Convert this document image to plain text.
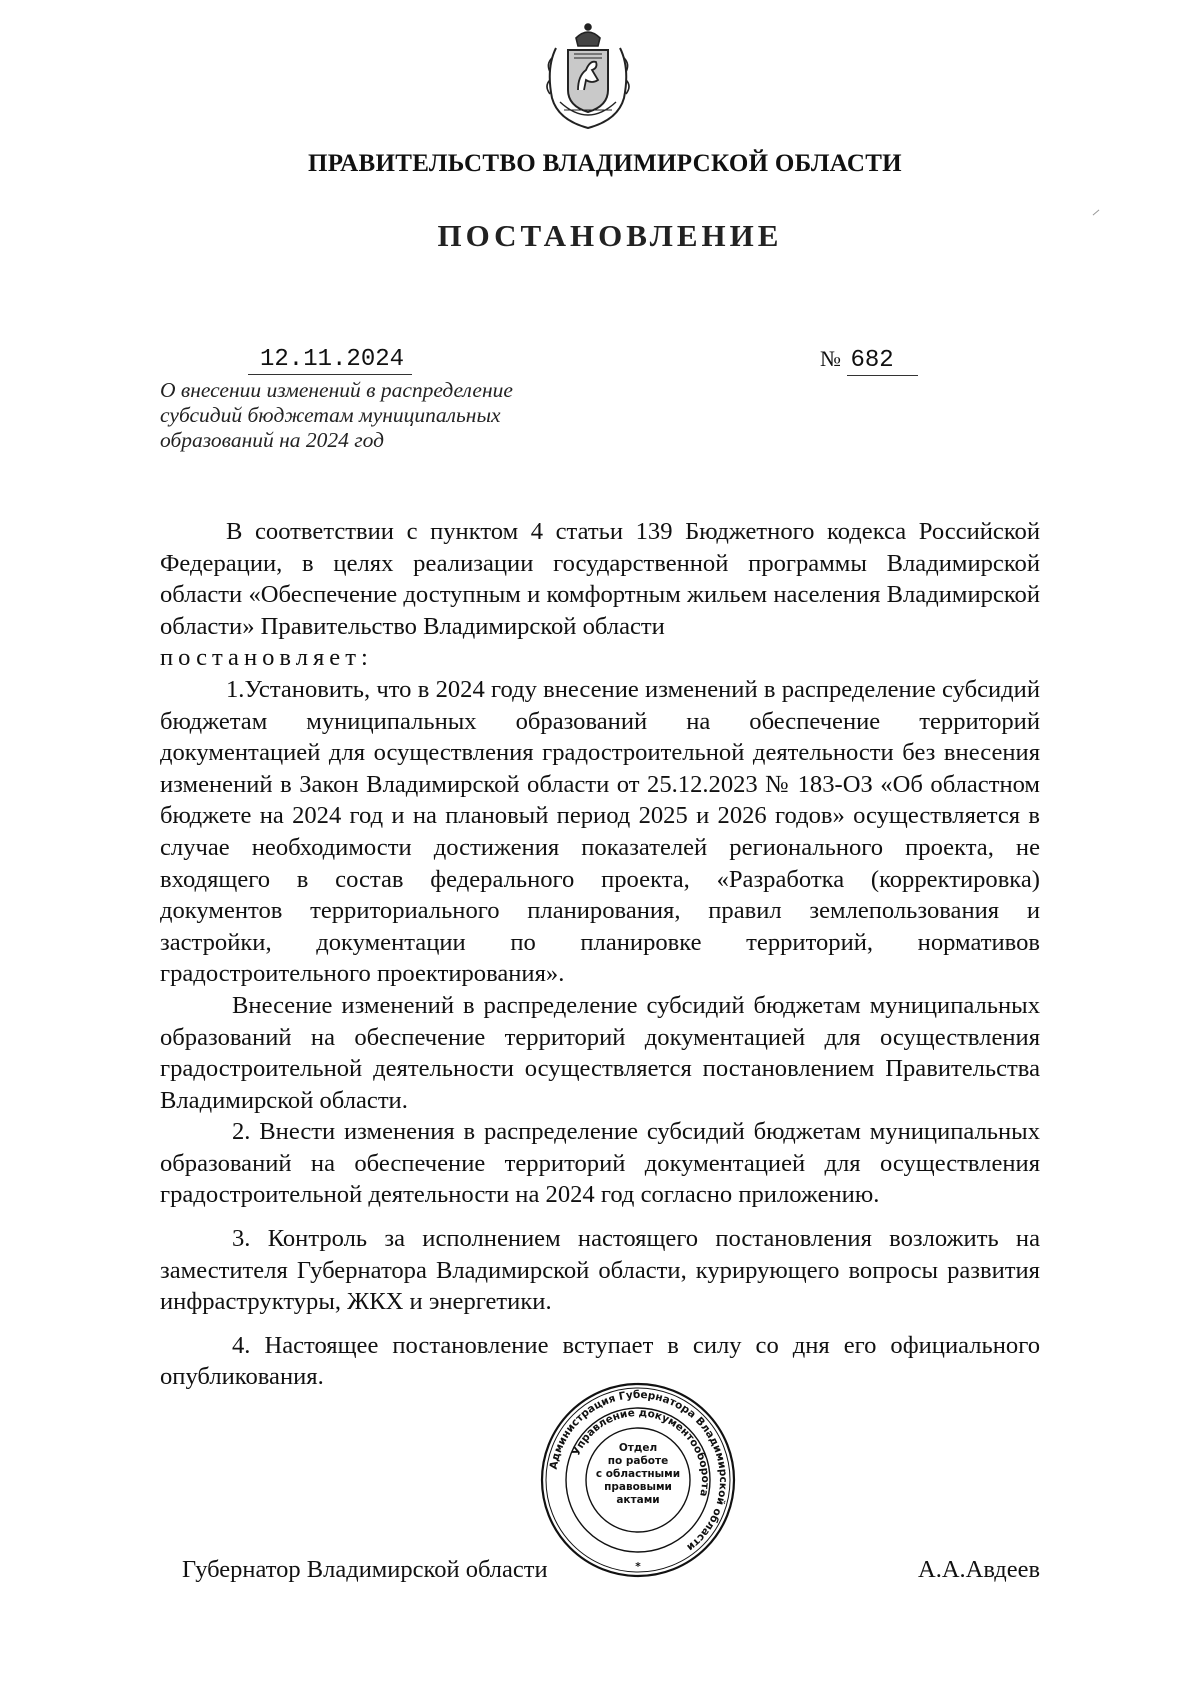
ПРАВИТЕЛЬСТВО ВЛАДИМИРСКОЙ ОБЛАСТИ
ПОСТАНОВЛЕНИЕ
12.11.2024	№ 682
О внесении изменений в распределение
субсидий бюджетам муниципальных
образований на 2024 год

В соответствии с пунктом 4 статьи 139 Бюджетного кодекса Российской Федерации, в целях реализации государственной программы Владимирской области «Обеспечение доступным и комфортным жильем населения Владимирской области» Правительство Владимирской области

постановляет:

1.Установить, что в 2024 году внесение изменений в распределение субсидий бюджетам муниципальных образований на обеспечение территорий документацией для осуществления градостроительной деятельности без внесения изменений в Закон Владимирской области от 25.12.2023 № 183-ОЗ «Об областном бюджете на 2024 год и на плановый период 2025 и 2026 годов» осуществляется в случае необходимости достижения показателей регионального проекта, не входящего в состав федерального проекта, «Разработка (корректировка) документов территориального планирования, правил землепользования и застройки, документации по планировке территорий, нормативов градостроительного проектирования».

Внесение изменений в распределение субсидий бюджетам муниципальных образований на обеспечение территорий документацией для осуществления градостроительной деятельности осуществляется постановлением Правительства Владимирской области.

2. Внести изменения в распределение субсидий бюджетам муниципальных образований на обеспечение территорий документацией для осуществления градостроительной деятельности на 2024 год согласно приложению.

3. Контроль за исполнением настоящего постановления возложить на заместителя Губернатора Владимирской области, курирующего вопросы развития инфраструктуры, ЖКХ и энергетики.

4. Настоящее постановление вступает в силу со дня его официального опубликования.

Губернатор Владимирской области	А.А.Авдеев
Администрация Губернатора Владимирской области
Управление документооборота
*
Отдел
по работе
с областными
правовыми
актами
